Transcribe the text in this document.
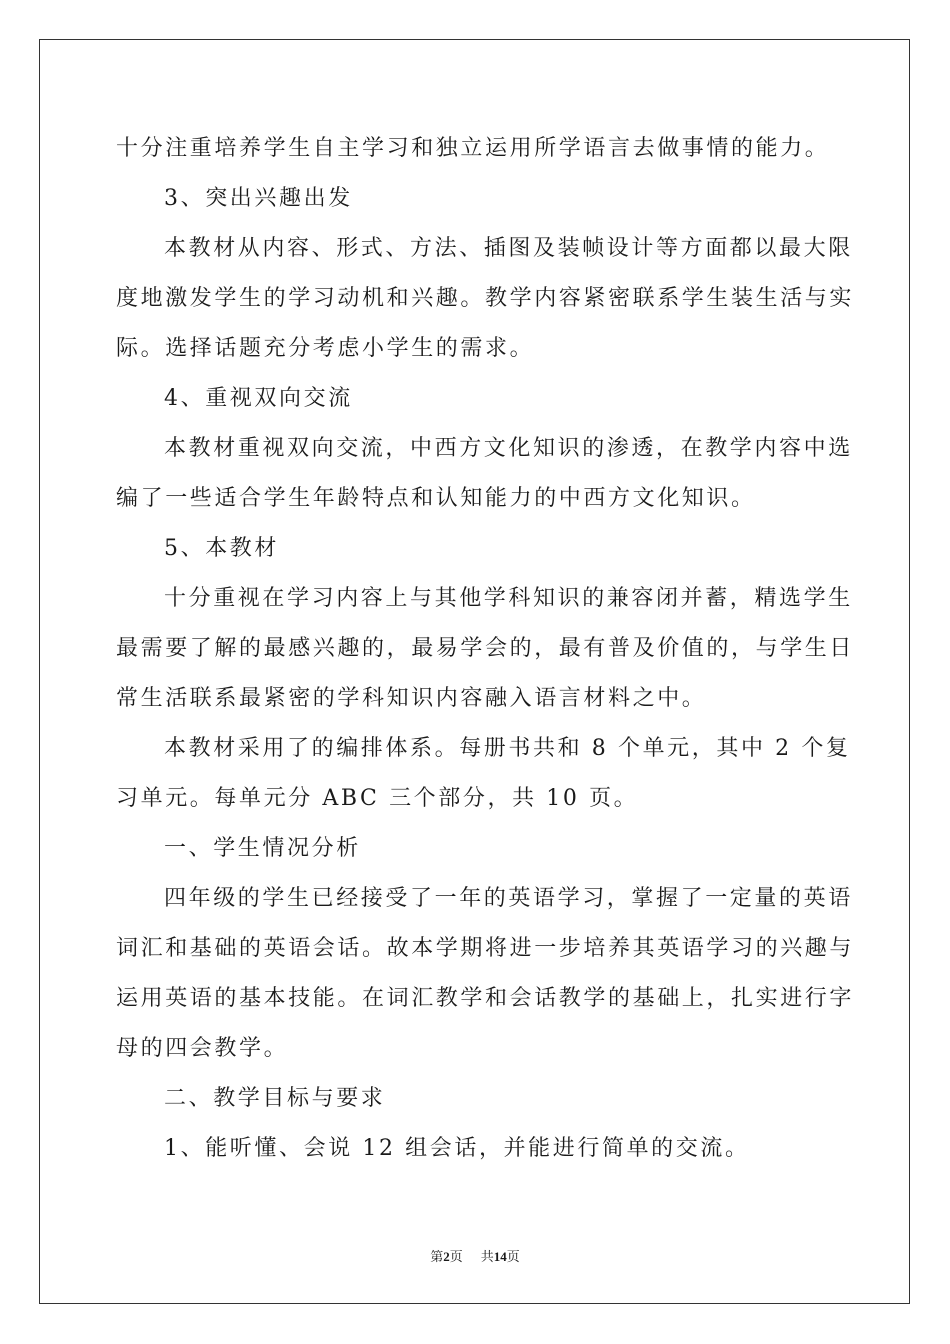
十分注重培养学生自主学习和独立运用所学语言去做事情的能力。
3、突出兴趣出发
本教材从内容、形式、方法、插图及装帧设计等方面都以最大限
度地激发学生的学习动机和兴趣。教学内容紧密联系学生装生活与实
际。选择话题充分考虑小学生的需求。
4、重视双向交流
本教材重视双向交流，中西方文化知识的渗透，在教学内容中选
编了一些适合学生年龄特点和认知能力的中西方文化知识。
5、本教材
十分重视在学习内容上与其他学科知识的兼容闭并蓄，精选学生
最需要了解的最感兴趣的，最易学会的，最有普及价值的，与学生日
常生活联系最紧密的学科知识内容融入语言材料之中。
本教材采用了的编排体系。每册书共和 8 个单元，其中 2 个复
习单元。每单元分 ABC 三个部分，共 10 页。
一、学生情况分析
四年级的学生已经接受了一年的英语学习，掌握了一定量的英语
词汇和基础的英语会话。故本学期将进一步培养其英语学习的兴趣与
运用英语的基本技能。在词汇教学和会话教学的基础上，扎实进行字
母的四会教学。
二、教学目标与要求
1、能听懂、会说 12 组会话，并能进行简单的交流。
第2页 共14页
